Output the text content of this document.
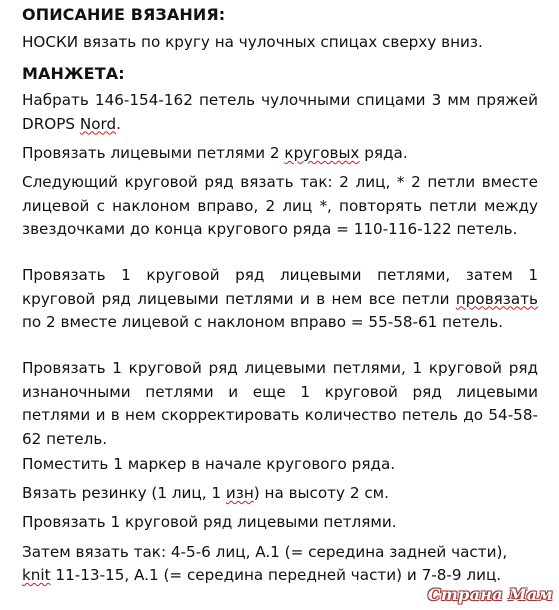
ОПИСАНИЕ ВЯЗАНИЯ:

НОСКИ вязать по кругу на чулочных спицах сверху вниз.

МАНЖЕТА:

Набрать 146-154-162 петель чулочными спицами 3 мм пряжей DROPS Nord.

Провязать лицевыми петлями 2 круговых ряда.

Следующий круговой ряд вязать так: 2 лиц, * 2 петли вместе лицевой с наклоном вправо, 2 лиц *, повторять петли между звездочками до конца кругового ряда = 110-116-122 петель.

Провязать 1 круговой ряд лицевыми петлями, затем 1 круговой ряд лицевыми петлями и в нем все петли провязать по 2 вместе лицевой с наклоном вправо = 55-58-61 петель.

Провязать 1 круговой ряд лицевыми петлями, 1 круговой ряд изнаночными петлями и еще 1 круговой ряд лицевыми петлями и в нем скорректировать количество петель до 54-58-62 петель.

Поместить 1 маркер в начале кругового ряда.

Вязать резинку (1 лиц, 1 изн) на высоту 2 см.

Провязать 1 круговой ряд лицевыми петлями.

Затем вязать так: 4-5-6 лиц, A.1 (= середина задней части),

knit 11-13-15, A.1 (= середина передней части) и 7-8-9 лиц.

Страна Мам
